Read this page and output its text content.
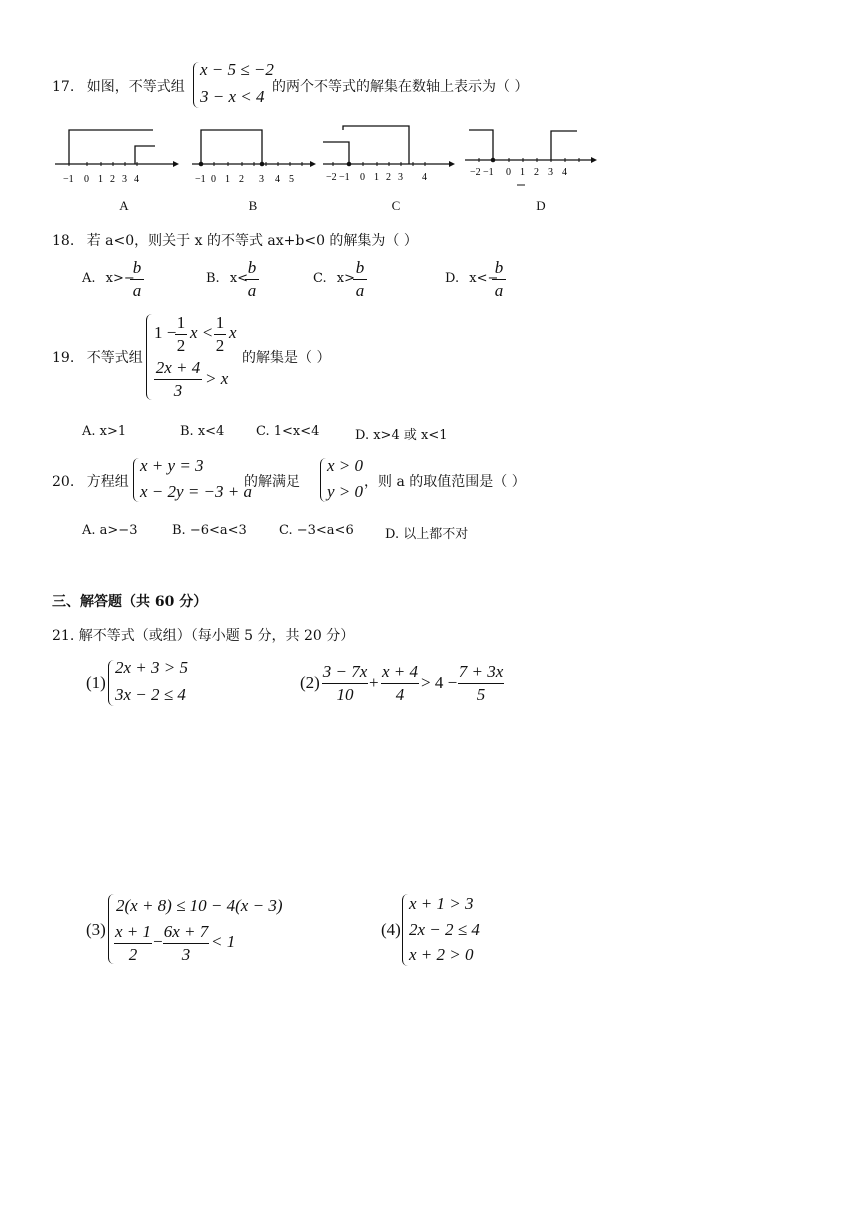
17. 如图，不等式组
x − 5 ≤ −2
3 − x < 4 的两个不等式的解集在数轴上表示为（ ）
−1 0 1 2 3 4	−1 0 1 2 3 4 5	−2 −1 0 1 2 3 4	−2 −1 0 1 2 3 4
A	B	C	D
18. 若 a<0，则关于 x 的不等式 ax+b<0 的解集为（ ）
A. x>−
b
a
B. x<
b
a
C. x>
b
a
D. x<−
b
a
19. 不等式组
1 −
1
2
x <
1
2
x
2x + 4
3
> x
的解集是（ ）
A. x>1	B. x<4 C. 1<x<4	D. x>4 或 x<1
20. 方程组
x + y = 3
x − 2y = −3 + a
的解满足
x > 0
y > 0 ，则 a 的取值范围是（ ）
A. a>−3	B. −6<a<3 C. −3<a<6 D. 以上都不对
三、解答题（共 60 分）
21. 解不等式（或组）（每小题 5 分，共 20 分）
(1)
2x + 3 > 5
3x − 2 ≤ 4
(2)
3 − 7x
10
+
x + 4
4
> 4 −
7 + 3x
5
(3)
2(x + 8) ≤ 10 − 4(x − 3)
x + 1
2
−
6x + 7
3
< 1
(4)
x + 1 > 3
2x − 2 ≤ 4
x + 2 > 0
